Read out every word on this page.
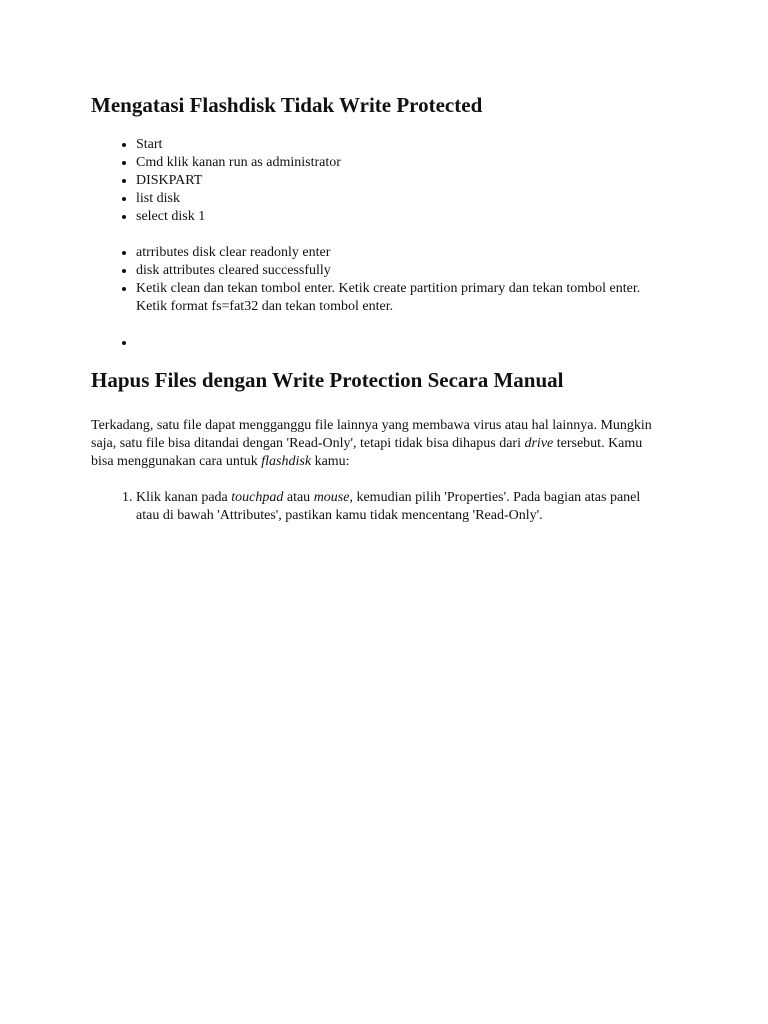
Mengatasi Flashdisk Tidak Write Protected
• Start
• Cmd klik kanan run as administrator
• DISKPART
• list disk
• select disk 1
• atrributes disk clear readonly enter
• disk attributes cleared successfully
• Ketik clean dan tekan tombol enter. Ketik create partition primary dan tekan tombol enter. Ketik format fs=fat32 dan tekan tombol enter.
•
Hapus Files dengan Write Protection Secara Manual

Terkadang, satu file dapat mengganggu file lainnya yang membawa virus atau hal lainnya. Mungkin saja, satu file bisa ditandai dengan 'Read-Only', tetapi tidak bisa dihapus dari drive tersebut. Kamu bisa menggunakan cara untuk flashdisk kamu:

1. Klik kanan pada touchpad atau mouse, kemudian pilih 'Properties'. Pada bagian atas panel atau di bawah 'Attributes', pastikan kamu tidak mencentang 'Read-Only'.
